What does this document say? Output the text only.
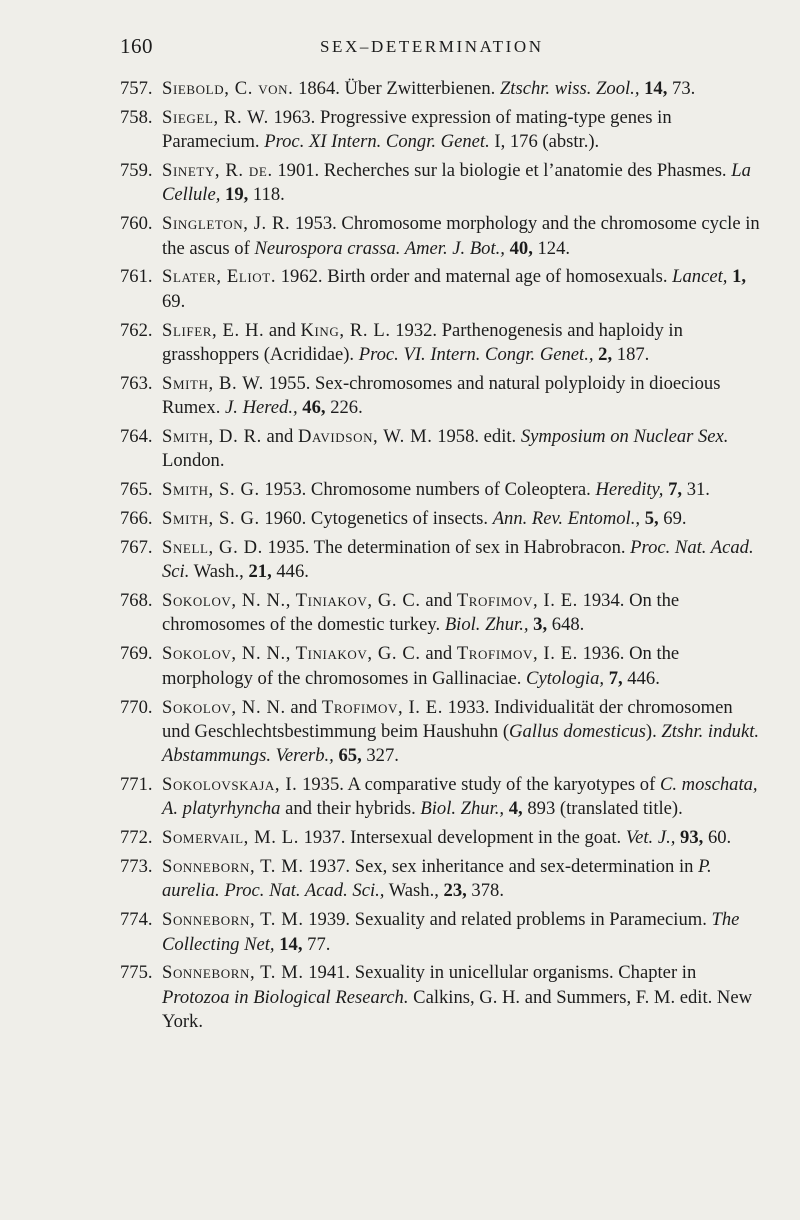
160	SEX–DETERMINATION
757. Siebold, C. von. 1864. Über Zwitterbienen. Ztschr. wiss. Zool., 14, 73.
758. Siegel, R. W. 1963. Progressive expression of mating-type genes in Paramecium. Proc. XI Intern. Congr. Genet. I, 176 (abstr.).
759. Sinety, R. de. 1901. Recherches sur la biologie et l’anatomie des Phasmes. La Cellule, 19, 118.
760. Singleton, J. R. 1953. Chromosome morphology and the chromosome cycle in the ascus of Neurospora crassa. Amer. J. Bot., 40, 124.
761. Slater, Eliot. 1962. Birth order and maternal age of homosexuals. Lancet, 1, 69.
762. Slifer, E. H. and King, R. L. 1932. Parthenogenesis and haploidy in grasshoppers (Acrididae). Proc. VI. Intern. Congr. Genet., 2, 187.
763. Smith, B. W. 1955. Sex-chromosomes and natural polyploidy in dioecious Rumex. J. Hered., 46, 226.
764. Smith, D. R. and Davidson, W. M. 1958. edit. Symposium on Nuclear Sex. London.
765. Smith, S. G. 1953. Chromosome numbers of Coleoptera. Heredity, 7, 31.
766. Smith, S. G. 1960. Cytogenetics of insects. Ann. Rev. Entomol., 5, 69.
767. Snell, G. D. 1935. The determination of sex in Habrobracon. Proc. Nat. Acad. Sci. Wash., 21, 446.
768. Sokolov, N. N., Tiniakov, G. C. and Trofimov, I. E. 1934. On the chromosomes of the domestic turkey. Biol. Zhur., 3, 648.
769. Sokolov, N. N., Tiniakov, G. C. and Trofimov, I. E. 1936. On the morphology of the chromosomes in Gallinaciae. Cytologia, 7, 446.
770. Sokolov, N. N. and Trofimov, I. E. 1933. Individualität der chromosomen und Geschlechtsbestimmung beim Haushuhn (Gallus domesticus). Ztshr. indukt. Abstammungs. Vererb., 65, 327.
771. Sokolovskaja, I. 1935. A comparative study of the karyotypes of C. moschata, A. platyrhyncha and their hybrids. Biol. Zhur., 4, 893 (translated title).
772. Somervail, M. L. 1937. Intersexual development in the goat. Vet. J., 93, 60.
773. Sonneborn, T. M. 1937. Sex, sex inheritance and sex-determination in P. aurelia. Proc. Nat. Acad. Sci., Wash., 23, 378.
774. Sonneborn, T. M. 1939. Sexuality and related problems in Paramecium. The Collecting Net, 14, 77.
775. Sonneborn, T. M. 1941. Sexuality in unicellular organisms. Chapter in Protozoa in Biological Research. Calkins, G. H. and Summers, F. M. edit. New York.
